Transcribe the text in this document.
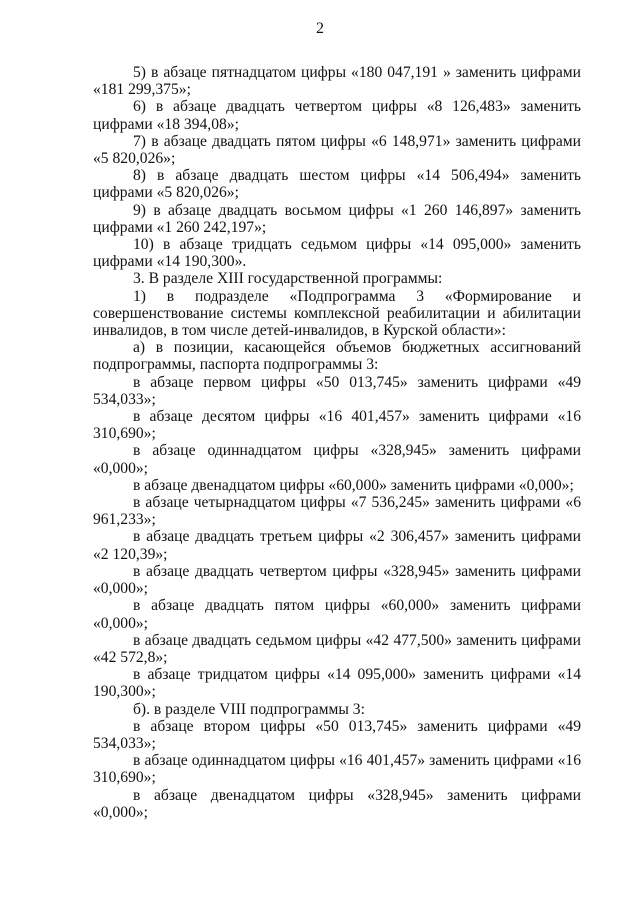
2

5) в абзаце пятнадцатом цифры «180 047,191 » заменить цифрами «181 299,375»;

6) в абзаце двадцать четвертом цифры «8 126,483» заменить цифрами «18 394,08»;

7) в абзаце двадцать пятом цифры «6 148,971» заменить цифрами «5 820,026»;

8) в абзаце двадцать шестом цифры «14 506,494» заменить цифрами «5 820,026»;

9) в абзаце двадцать восьмом цифры «1 260 146,897» заменить цифрами «1 260 242,197»;

10) в абзаце тридцать седьмом цифры «14 095,000» заменить цифрами «14 190,300».

3. В разделе XIII государственной программы:

1) в подразделе «Подпрограмма 3 «Формирование и совершенствование системы комплексной реабилитации и абилитации инвалидов, в том числе детей-инвалидов, в Курской области»:

а) в позиции, касающейся объемов бюджетных ассигнований подпрограммы, паспорта подпрограммы 3:

в абзаце первом цифры «50 013,745» заменить цифрами «49 534,033»;

в абзаце десятом цифры «16 401,457» заменить цифрами «16 310,690»;

в абзаце одиннадцатом цифры «328,945» заменить цифрами «0,000»;

в абзаце двенадцатом цифры «60,000» заменить цифрами «0,000»;

в абзаце четырнадцатом цифры «7 536,245» заменить цифрами «6 961,233»;

в абзаце двадцать третьем цифры «2 306,457» заменить цифрами «2 120,39»;

в абзаце двадцать четвертом цифры «328,945» заменить цифрами «0,000»;

в абзаце двадцать пятом цифры «60,000» заменить цифрами «0,000»;

в абзаце двадцать седьмом цифры «42 477,500» заменить цифрами «42 572,8»;

в абзаце тридцатом цифры «14 095,000» заменить цифрами «14 190,300»;

б). в разделе VIII подпрограммы 3:

в абзаце втором цифры «50 013,745» заменить цифрами «49 534,033»;

в абзаце одиннадцатом цифры «16 401,457» заменить цифрами «16 310,690»;

в абзаце двенадцатом цифры «328,945» заменить цифрами «0,000»;
